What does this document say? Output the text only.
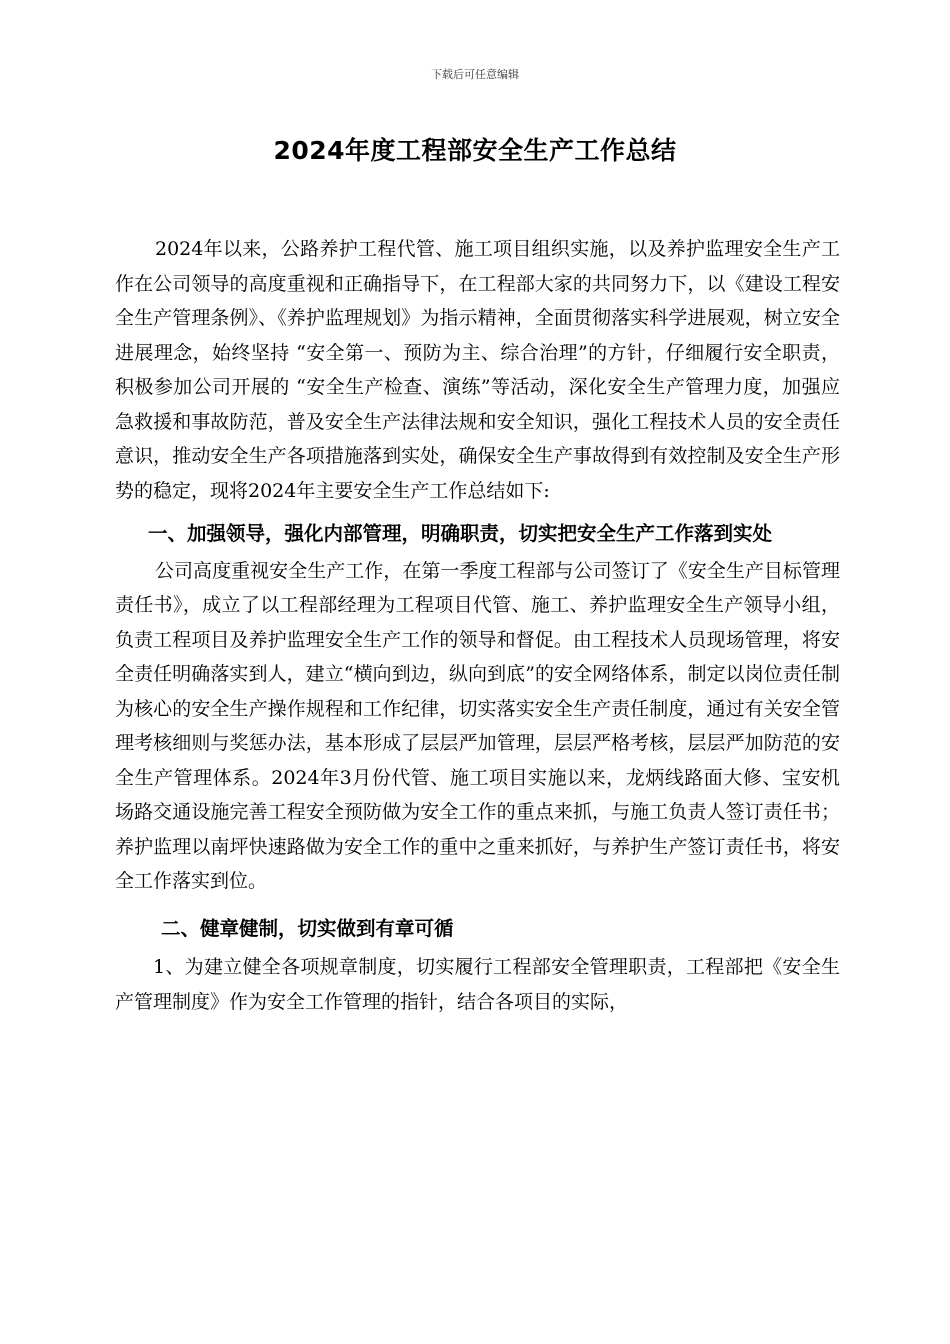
下载后可任意编辑
2024年度工程部安全生产工作总结

2024年以来，公路养护工程代管、施工项目组织实施，以及养护监理安全生产工作在公司领导的高度重视和正确指导下，在工程部大家的共同努力下，以《建设工程安全生产管理条例》、《养护监理规划》为指示精神，全面贯彻落实科学进展观，树立安全进展理念，始终坚持 “安全第一、预防为主、综合治理”的方针，仔细履行安全职责，积极参加公司开展的 “安全生产检查、演练”等活动，深化安全生产管理力度，加强应急救援和事故防范，普及安全生产法律法规和安全知识，强化工程技术人员的安全责任意识，推动安全生产各项措施落到实处，确保安全生产事故得到有效控制及安全生产形势的稳定，现将2024年主要安全生产工作总结如下:

一、加强领导，强化内部管理，明确职责，切实把安全生产工作落到实处

公司高度重视安全生产工作，在第一季度工程部与公司签订了《安全生产目标管理责任书》，成立了以工程部经理为工程项目代管、施工、养护监理安全生产领导小组，负责工程项目及养护监理安全生产工作的领导和督促。由工程技术人员现场管理，将安全责任明确落实到人，建立“横向到边，纵向到底”的安全网络体系，制定以岗位责任制为核心的安全生产操作规程和工作纪律，切实落实安全生产责任制度，通过有关安全管理考核细则与奖惩办法，基本形成了层层严加管理，层层严格考核，层层严加防范的安全生产管理体系。2024年3月份代管、施工项目实施以来，龙炳线路面大修、宝安机场路交通设施完善工程安全预防做为安全工作的重点来抓，与施工负责人签订责任书；养护监理以南坪快速路做为安全工作的重中之重来抓好，与养护生产签订责任书，将安全工作落实到位。

二、健章健制，切实做到有章可循

1、为建立健全各项规章制度，切实履行工程部安全管理职责，工程部把《安全生产管理制度》作为安全工作管理的指针，结合各项目的实际，
